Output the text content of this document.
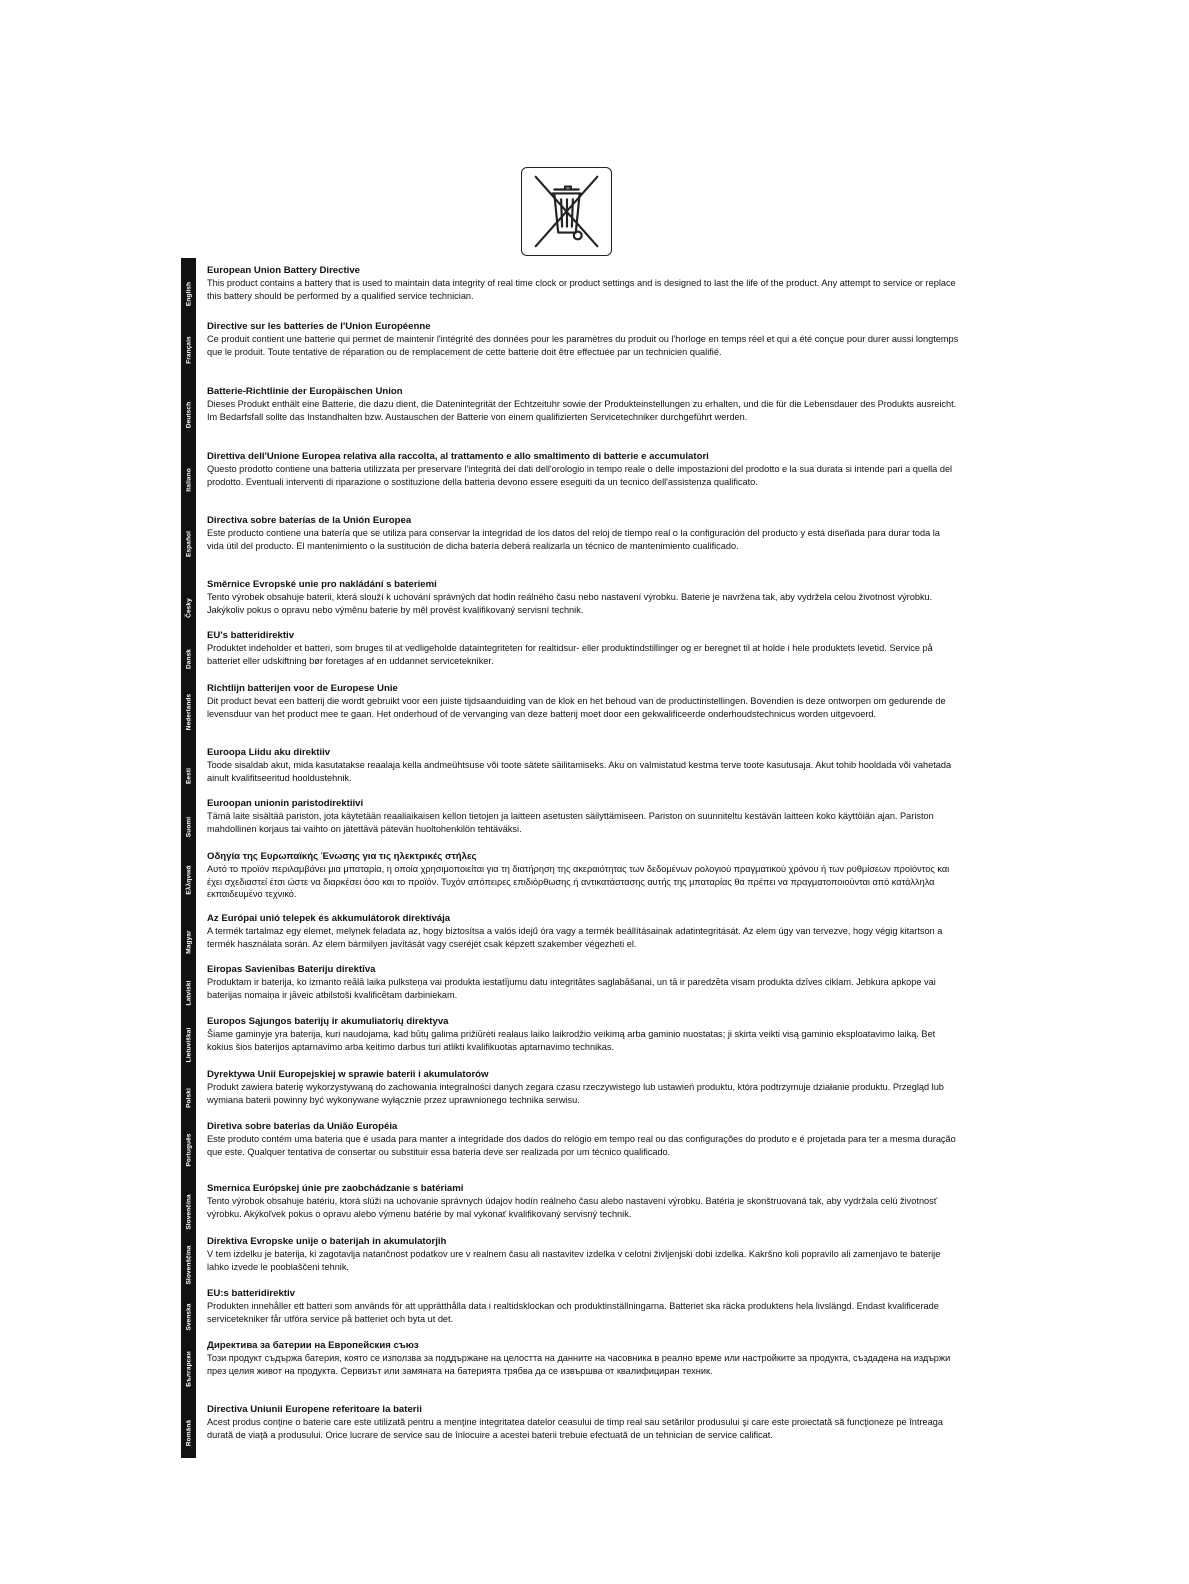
English
European Union Battery Directive
This product contains a battery that is used to maintain data integrity of real time clock or product settings and is designed to last the life of the product. Any attempt to service or replace this battery should be performed by a qualified service technician.
Français
Directive sur les batteries de l'Union Européenne
Ce produit contient une batterie qui permet de maintenir l'intégrité des données pour les paramètres du produit ou l'horloge en temps réel et qui a été conçue pour durer aussi longtemps que le produit. Toute tentative de réparation ou de remplacement de cette batterie doit être effectuée par un technicien qualifié.
Deutsch
Batterie-Richtlinie der Europäischen Union
Dieses Produkt enthält eine Batterie, die dazu dient, die Datenintegrität der Echtzeituhr sowie der Produkteinstellungen zu erhalten, und die für die Lebensdauer des Produkts ausreicht. Im Bedarfsfall sollte das Instandhalten bzw. Austauschen der Batterie von einem qualifizierten Servicetechniker durchgeführt werden.
Italiano
Direttiva dell'Unione Europea relativa alla raccolta, al trattamento e allo smaltimento di batterie e accumulatori
Questo prodotto contiene una batteria utilizzata per preservare l'integrità dei dati dell'orologio in tempo reale o delle impostazioni del prodotto e la sua durata si intende pari a quella del prodotto. Eventuali interventi di riparazione o sostituzione della batteria devono essere eseguiti da un tecnico dell'assistenza qualificato.
Español
Directiva sobre baterías de la Unión Europea
Este producto contiene una batería que se utiliza para conservar la integridad de los datos del reloj de tiempo real o la configuración del producto y está diseñada para durar toda la vida útil del producto. El mantenimiento o la sustitución de dicha batería deberá realizarla un técnico de mantenimiento cualificado.
Česky
Směrnice Evropské unie pro nakládání s bateriemi
Tento výrobek obsahuje baterii, která slouží k uchování správných dat hodin reálného času nebo nastavení výrobku. Baterie je navržena tak, aby vydržela celou životnost výrobku. Jakýkoliv pokus o opravu nebo výměnu baterie by měl provést kvalifikovaný servisní technik.
Dansk
EU's batteridirektiv
Produktet indeholder et batteri, som bruges til at vedligeholde dataintegriteten for realtidsur- eller produktindstillinger og er beregnet til at holde i hele produktets levetid. Service på batteriet eller udskiftning bør foretages af en uddannet servicetekniker.
Nederlands
Richtlijn batterijen voor de Europese Unie
Dit product bevat een batterij die wordt gebruikt voor een juiste tijdsaanduiding van de klok en het behoud van de productinstellingen. Bovendien is deze ontworpen om gedurende de levensduur van het product mee te gaan. Het onderhoud of de vervanging van deze batterij moet door een gekwalificeerde onderhoudstechnicus worden uitgevoerd.
Eesti
Euroopa Liidu aku direktiiv
Toode sisaldab akut, mida kasutatakse reaalaja kella andmeühtsuse või toote sätete säilitamiseks. Aku on valmistatud kestma terve toote kasutusaja. Akut tohib hooldada või vahetada ainult kvalifitseeritud hooldustehnik.
Suomi
Euroopan unionin paristodirektiivi
Tämä laite sisältää pariston, jota käytetään reaaliaikaisen kellon tietojen ja laitteen asetusten säilyttämiseen. Pariston on suunniteltu kestävän laitteen koko käyttöiän ajan. Pariston mahdollinen korjaus tai vaihto on jätettävä pätevän huoltohenkilön tehtäväksi.
Ελληνικά
Οδηγία της Ευρωπαϊκής Ένωσης για τις ηλεκτρικές στήλες
Αυτό το προϊόν περιλαμβάνει μια μπαταρία, η οποία χρησιμοποιείται για τη διατήρηση της ακεραιότητας των δεδομένων ρολογιού πραγματικού χρόνου ή των ρυθμίσεων προϊόντος και έχει σχεδιαστεί έτσι ώστε να διαρκέσει όσο και το προϊόν. Τυχόν απόπειρες επιδιόρθωσης ή αντικατάστασης αυτής της μπαταρίας θα πρέπει να πραγματοποιούνται από κατάλληλα εκπαιδευμένο τεχνικό.
Magyar
Az Európai unió telepek és akkumulátorok direktívája
A termék tartalmaz egy elemet, melynek feladata az, hogy biztosítsa a valós idejű óra vagy a termék beállításainak adatintegritását. Az elem úgy van tervezve, hogy végig kitartson a termék használata során. Az elem bármilyen javítását vagy cseréjét csak képzett szakember végezheti el.
Latviski
Eiropas Savienības Bateriju direktīva
Produktam ir baterija, ko izmanto reālā laika pulksteņa vai produkta iestatījumu datu integritātes saglabāšanai, un tā ir paredzēta visam produkta dzīves ciklam. Jebkura apkope vai baterijas nomaiņa ir jāveic atbilstoši kvalificētam darbiniekam.
Lietuviškai
Europos Sąjungos baterijų ir akumuliatorių direktyva
Šiame gaminyje yra baterija, kuri naudojama, kad būtų galima prižiūrėti realaus laiko laikrodžio veikimą arba gaminio nuostatas; ji skirta veikti visą gaminio eksploatavimo laiką. Bet kokius šios baterijos aptarnavimo arba keitimo darbus turi atlikti kvalifikuotas aptarnavimo technikas.
Polski
Dyrektywa Unii Europejskiej w sprawie baterii i akumulatorów
Produkt zawiera baterię wykorzystywaną do zachowania integralności danych zegara czasu rzeczywistego lub ustawień produktu, która podtrzymuje działanie produktu. Przegląd lub wymiana baterii powinny być wykonywane wyłącznie przez uprawnionego technika serwisu.
Português
Diretiva sobre baterias da União Européia
Este produto contém uma bateria que é usada para manter a integridade dos dados do relógio em tempo real ou das configurações do produto e é projetada para ter a mesma duração que este. Qualquer tentativa de consertar ou substituir essa bateria deve ser realizada por um técnico qualificado.
Slovenčina
Smernica Európskej únie pre zaobchádzanie s batériami
Tento výrobok obsahuje batériu, ktorá slúži na uchovanie správnych údajov hodín reálneho času alebo nastavení výrobku. Batéria je skonštruovaná tak, aby vydržala celú životnosť výrobku. Akýkoľvek pokus o opravu alebo výmenu batérie by mal vykonať kvalifikovaný servisný technik.
Slovenščina
Direktiva Evropske unije o baterijah in akumulatorjih
V tem izdelku je baterija, ki zagotavlja natančnost podatkov ure v realnem času ali nastavitev izdelka v celotni življenjski dobi izdelka. Kakršno koli popravilo ali zamenjavo te baterije lahko izvede le pooblaščeni tehnik.
Svenska
EU:s batteridirektiv
Produkten innehåller ett batteri som används för att upprätthålla data i realtidsklockan och produktinställningarna. Batteriet ska räcka produktens hela livslängd. Endast kvalificerade servicetekniker får utföra service på batteriet och byta ut det.
Български
Директива за батерии на Европейския съюз
Този продукт съдържа батерия, която се използва за поддържане на целостта на данните на часовника в реално време или настройките за продукта, създадена на издържи през целия живот на продукта. Сервизът или замяната на батерията трябва да се извършва от квалифициран техник.
Română
Directiva Uniunii Europene referitoare la baterii
Acest produs conţine o baterie care este utilizată pentru a menţine integritatea datelor ceasului de timp real sau setărilor produsului şi care este proiectată să funcţioneze pe întreaga durată de viaţă a produsului. Orice lucrare de service sau de înlocuire a acestei baterii trebuie efectuată de un tehnician de service calificat.
